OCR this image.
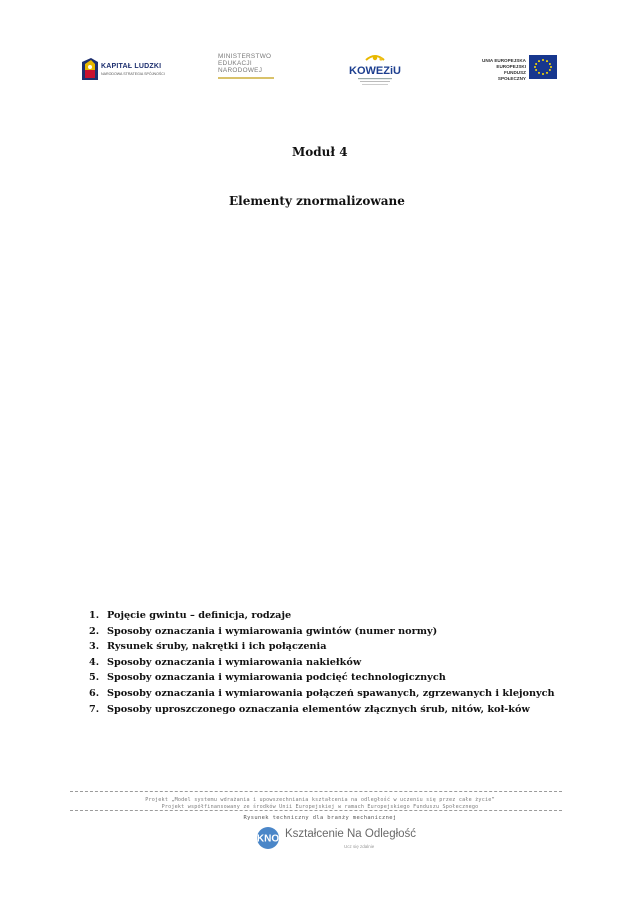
KAPITAŁ LUDZKI
NARODOWA STRATEGIA SPÓJNOŚCI
MINISTERSTWO
EDUKACJI
NARODOWEJ	KOWEZiU
UNIA EUROPEJSKA
EUROPEJSKI
FUNDUSZ SPOŁECZNY
Moduł 4
Elementy znormalizowane
1. Pojęcie gwintu – definicja, rodzaje
2. Sposoby oznaczania i wymiarowania gwintów (numer normy)
3. Rysunek śruby, nakrętki i ich połączenia
4. Sposoby oznaczania i wymiarowania nakiełków
5. Sposoby oznaczania i wymiarowania podcięć technologicznych
6. Sposoby oznaczania i wymiarowania połączeń spawanych, zgrzewanych i klejonych
7. Sposoby uproszczonego oznaczania elementów złącznych śrub, nitów, koł-ków
Projekt „Model systemu wdrażania i upowszechniania kształcenia na odległość w uczeniu się przez całe życie”
Projekt współfinansowany ze środków Unii Europejskiej w ramach Europejskiego Funduszu Społecznego
Rysunek techniczny dla branży mechanicznej
KNO Kształcenie Na Odległość
Ucz się zdalnie
